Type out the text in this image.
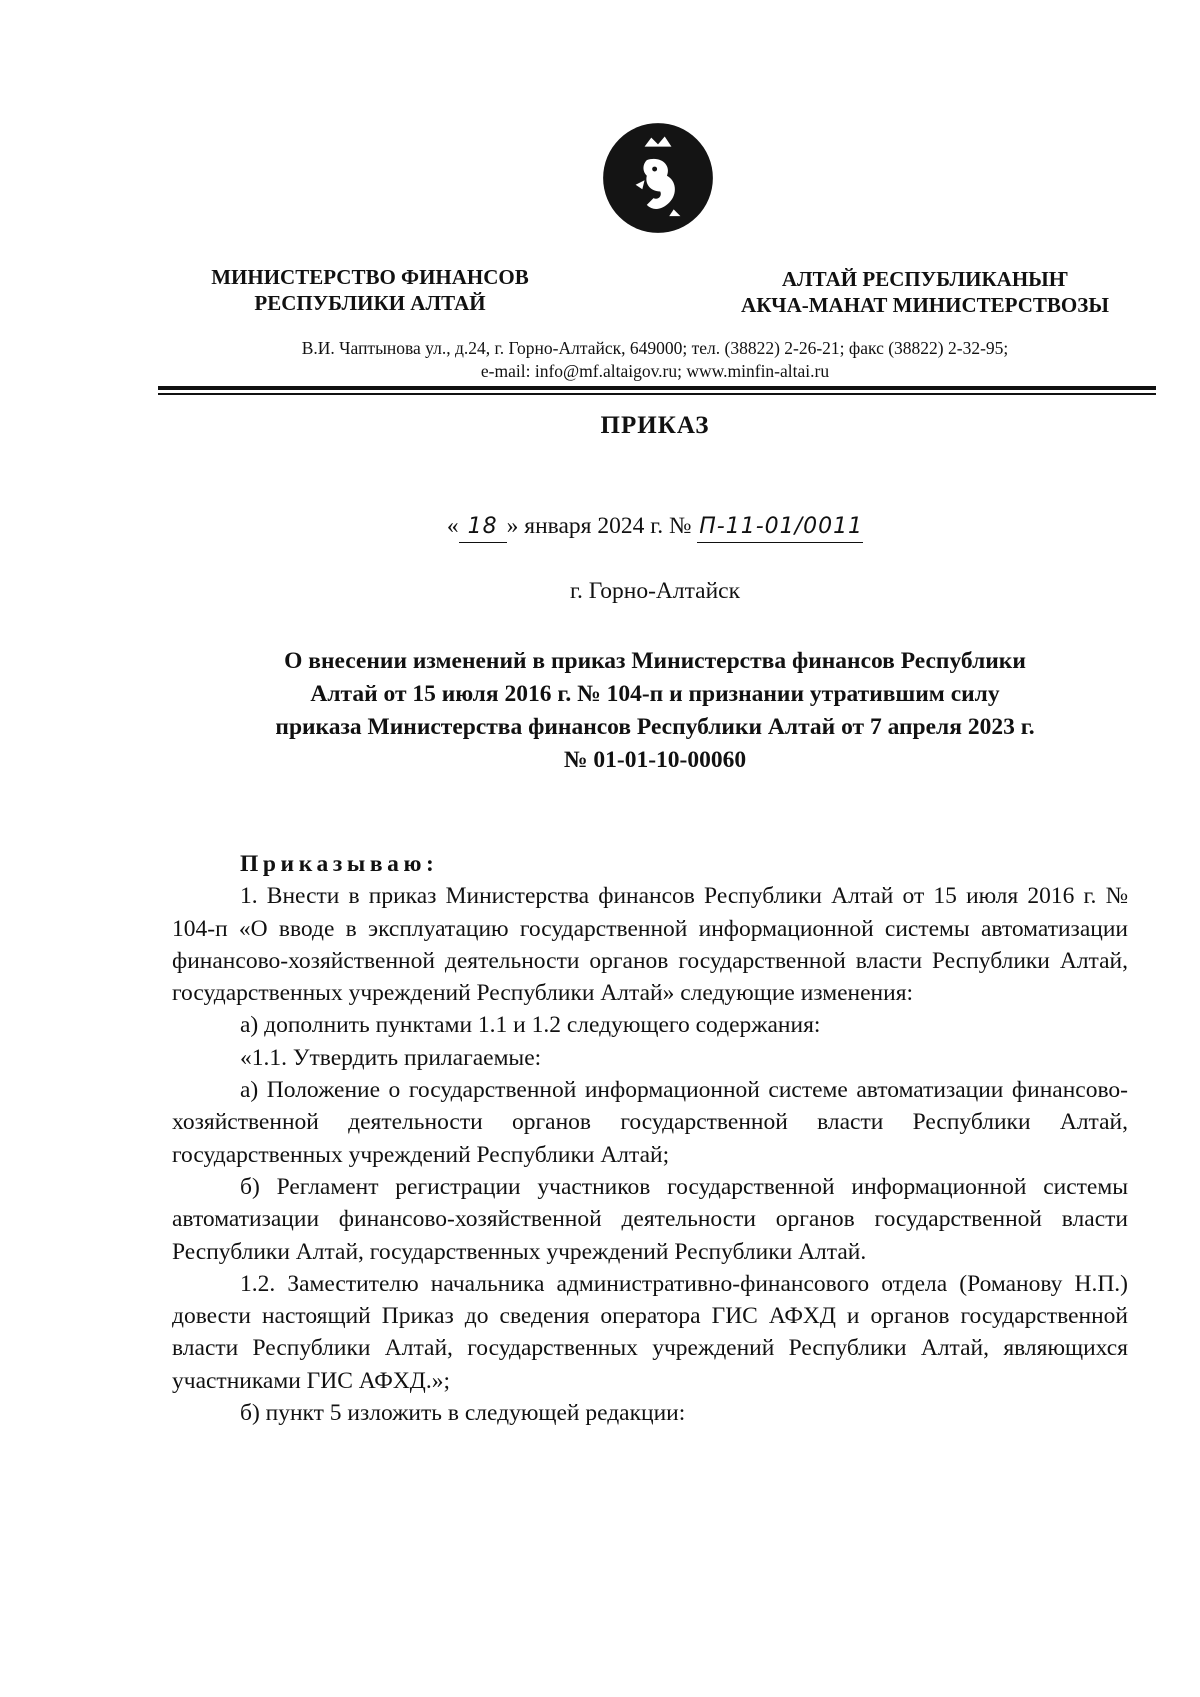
МИНИСТЕРСТВО ФИНАНСОВ
РЕСПУБЛИКИ АЛТАЙ
АЛТАЙ РЕСПУБЛИКАНЫҤ
АКЧА-МАНАТ МИНИСТЕРСТВОЗЫ
В.И. Чаптынова ул., д.24, г. Горно-Алтайск, 649000; тел. (38822) 2-26-21; факс (38822) 2-32-95;
e-mail: info@mf.altaigov.ru; www.minfin-altai.ru
ПРИКАЗ
« 18 » января 2024 г. № П-11-01/0011
г. Горно-Алтайск
О внесении изменений в приказ Министерства финансов Республики
Алтай от 15 июля 2016 г. № 104-п и признании утратившим силу
приказа Министерства финансов Республики Алтай от 7 апреля 2023 г.
№ 01-01-10-00060
Приказываю:

1. Внести в приказ Министерства финансов Республики Алтай от 15 июля 2016 г. № 104-п «О вводе в эксплуатацию государственной информационной системы автоматизации финансово-хозяйственной деятельности органов государственной власти Республики Алтай, государственных учреждений Республики Алтай» следующие изменения:

а) дополнить пунктами 1.1 и 1.2 следующего содержания:

«1.1. Утвердить прилагаемые:

а) Положение о государственной информационной системе автоматизации финансово-хозяйственной деятельности органов государственной власти Республики Алтай, государственных учреждений Республики Алтай;

б) Регламент регистрации участников государственной информационной системы автоматизации финансово-хозяйственной деятельности органов государственной власти Республики Алтай, государственных учреждений Республики Алтай.

1.2. Заместителю начальника административно-финансового отдела (Романову Н.П.) довести настоящий Приказ до сведения оператора ГИС АФХД и органов государственной власти Республики Алтай, государственных учреждений Республики Алтай, являющихся участниками ГИС АФХД.»;

б) пункт 5 изложить в следующей редакции:
